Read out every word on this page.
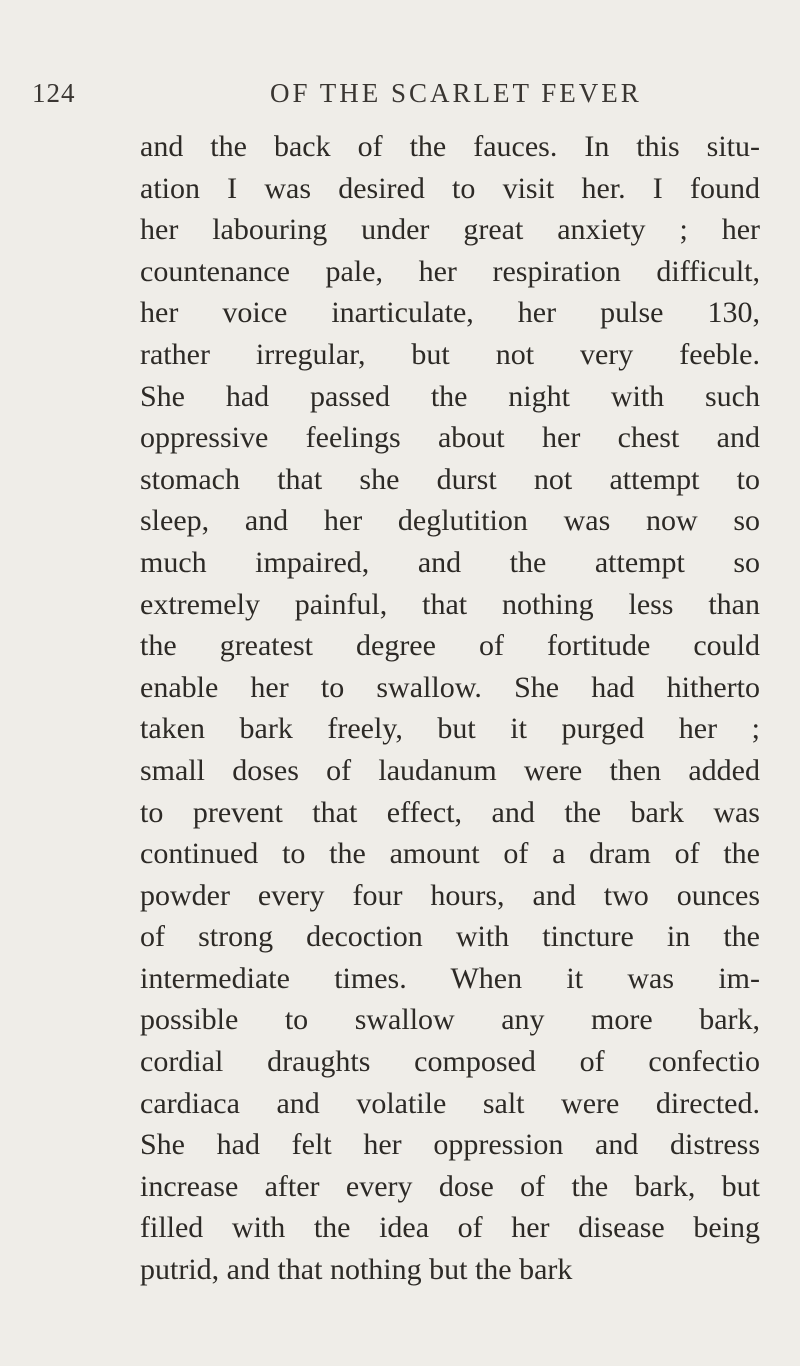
124	OF THE SCARLET FEVER
and the back of the fauces. In this situ-
ation I was desired to visit her. I found
her labouring under great anxiety ; her
countenance pale, her respiration difficult,
her voice inarticulate, her pulse 130,
rather irregular, but not very feeble.
She had passed the night with such
oppressive feelings about her chest and
stomach that she durst not attempt to
sleep, and her deglutition was now so
much impaired, and the attempt so
extremely painful, that nothing less than
the greatest degree of fortitude could
enable her to swallow. She had hitherto
taken bark freely, but it purged her ;
small doses of laudanum were then added
to prevent that effect, and the bark was
continued to the amount of a dram of the
powder every four hours, and two ounces
of strong decoction with tincture in the
intermediate times. When it was im-
possible to swallow any more bark,
cordial draughts composed of confectio
cardiaca and volatile salt were directed.
She had felt her oppression and distress
increase after every dose of the bark, but
filled with the idea of her disease being
putrid, and that nothing but the bark
